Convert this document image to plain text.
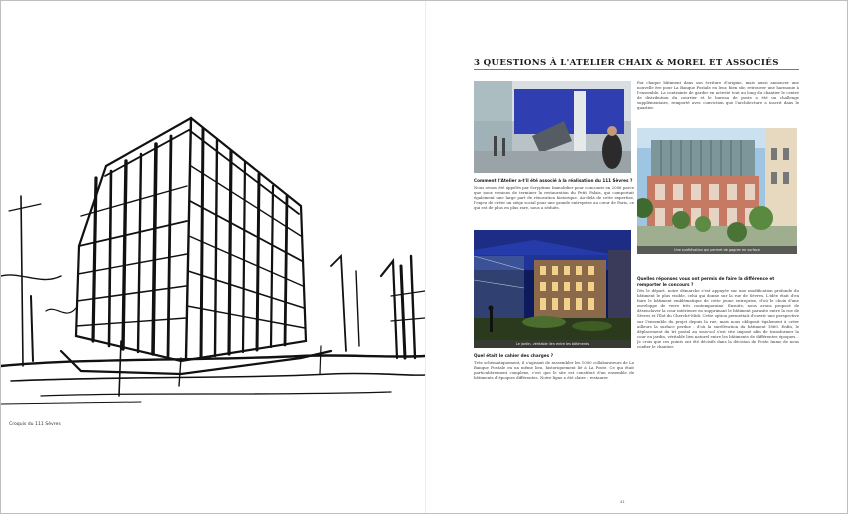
Croquis du 111 Sèvres
3 QUESTIONS À L'ATELIER CHAIX & MOREL ET ASSOCIÉS
Une surélévation qui permet de gagner en surface
Le jardin, véritable lien entre les bâtiments
Par chaque bâtiment dans son écriture d'origine, mais aussi annoncer une nouvelle ère pour La Banque Postale en leur, bien sûr, retrouver une harmonie à l'ensemble. La contrainte de garder en activité tout au long du chantier le centre de distribution du courrier et le bureau de poste a été un challenge supplémentaire, remporté avec conviction que l'architecture a inscrit dans le quartier.
Comment l'Atelier a-t'il été associé à la réalisation du 111 Sèvres ?
Nous avons été appelés par Scryptimo Immobilier pour concourir en 2006 parce que nous venions de terminer la restauration du Petit Palais, qui comportait également une large part de rénovation historique. Au-delà de cette expertise, l'enjeu de créer un siège social pour une grande entreprise au cœur de Paris, ce qui est de plus en plus rare, nous a séduits.
Quel était le cahier des charges ?
Très schématiquement, il s'agissait de rassembler les 1000 collaborateurs de La Banque Postale en un même lieu, historiquement lié à La Poste. Ce qui était particulièrement complexe, c'est que le site est constitué d'un ensemble de bâtiments d'époques différentes. Notre ligne a été claire : restaurer
Quelles réponses vous ont permis de faire la différence et remporter le concours ?
Dès le départ, notre démarche s'est appuyée sur une modification profonde du bâtiment le plus visible, celui qui donne sur la rue de Sèvres. L'idée était d'en faire le bâtiment emblématique de cette jeune entreprise, d'où le choix d'une enveloppe de verre très contemporaine. Ensuite, nous avons proposé de désenclaver la cour intérieure en supprimant le bâtiment parasite entre la rue de Sèvres et l'îlot du Cherché-Midi. Cette option permettait d'ouvrir une perspective sur l'ensemble du projet depuis la rue, mais nous obligeait également à créer ailleurs la surface perdue : d'où la surélévation du bâtiment 1860. Enfin, le déplacement du tri postal au sous-sol s'est vite imposé afin de transformer la cour en jardin, véritable lien naturel entre les bâtiments de différentes époques... Je crois que ces points ont été décisifs dans la décision de Poste Immo de nous confier le chantier.
41
